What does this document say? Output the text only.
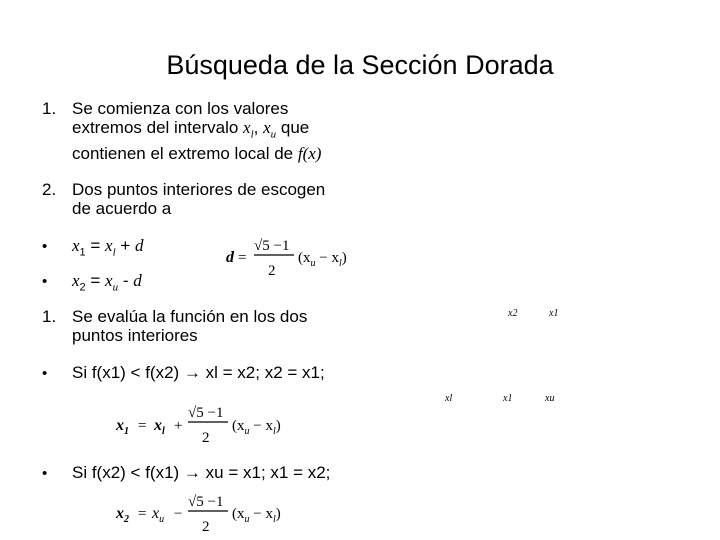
Búsqueda de la Sección Dorada
1. Se comienza con los valores
extremos del intervalo $x_l$, $x_u$ que
contienen el extremo local de f(x)
2. Dos puntos interiores de escogen
de acuerdo a
• $x_1 = x_l + d$
• $x_2 = x_u - d$
d =
√5 −1
2
$(x_u - x_l)$
1. Se evalúa la función en los dos
puntos interiores
• Si f(x1) < f(x2) → xl = x2; x2 = x1;
$x_1 = x_l$ +
√5 −1
2
$(x_u - x_l)$
• Si f(x2) < f(x1) → xu = x1; x1 = x2;
$x_2 = x_u$ −
√5 −1
2
$(x_u - x_l)$
x2	x1
xl	x1	xu
